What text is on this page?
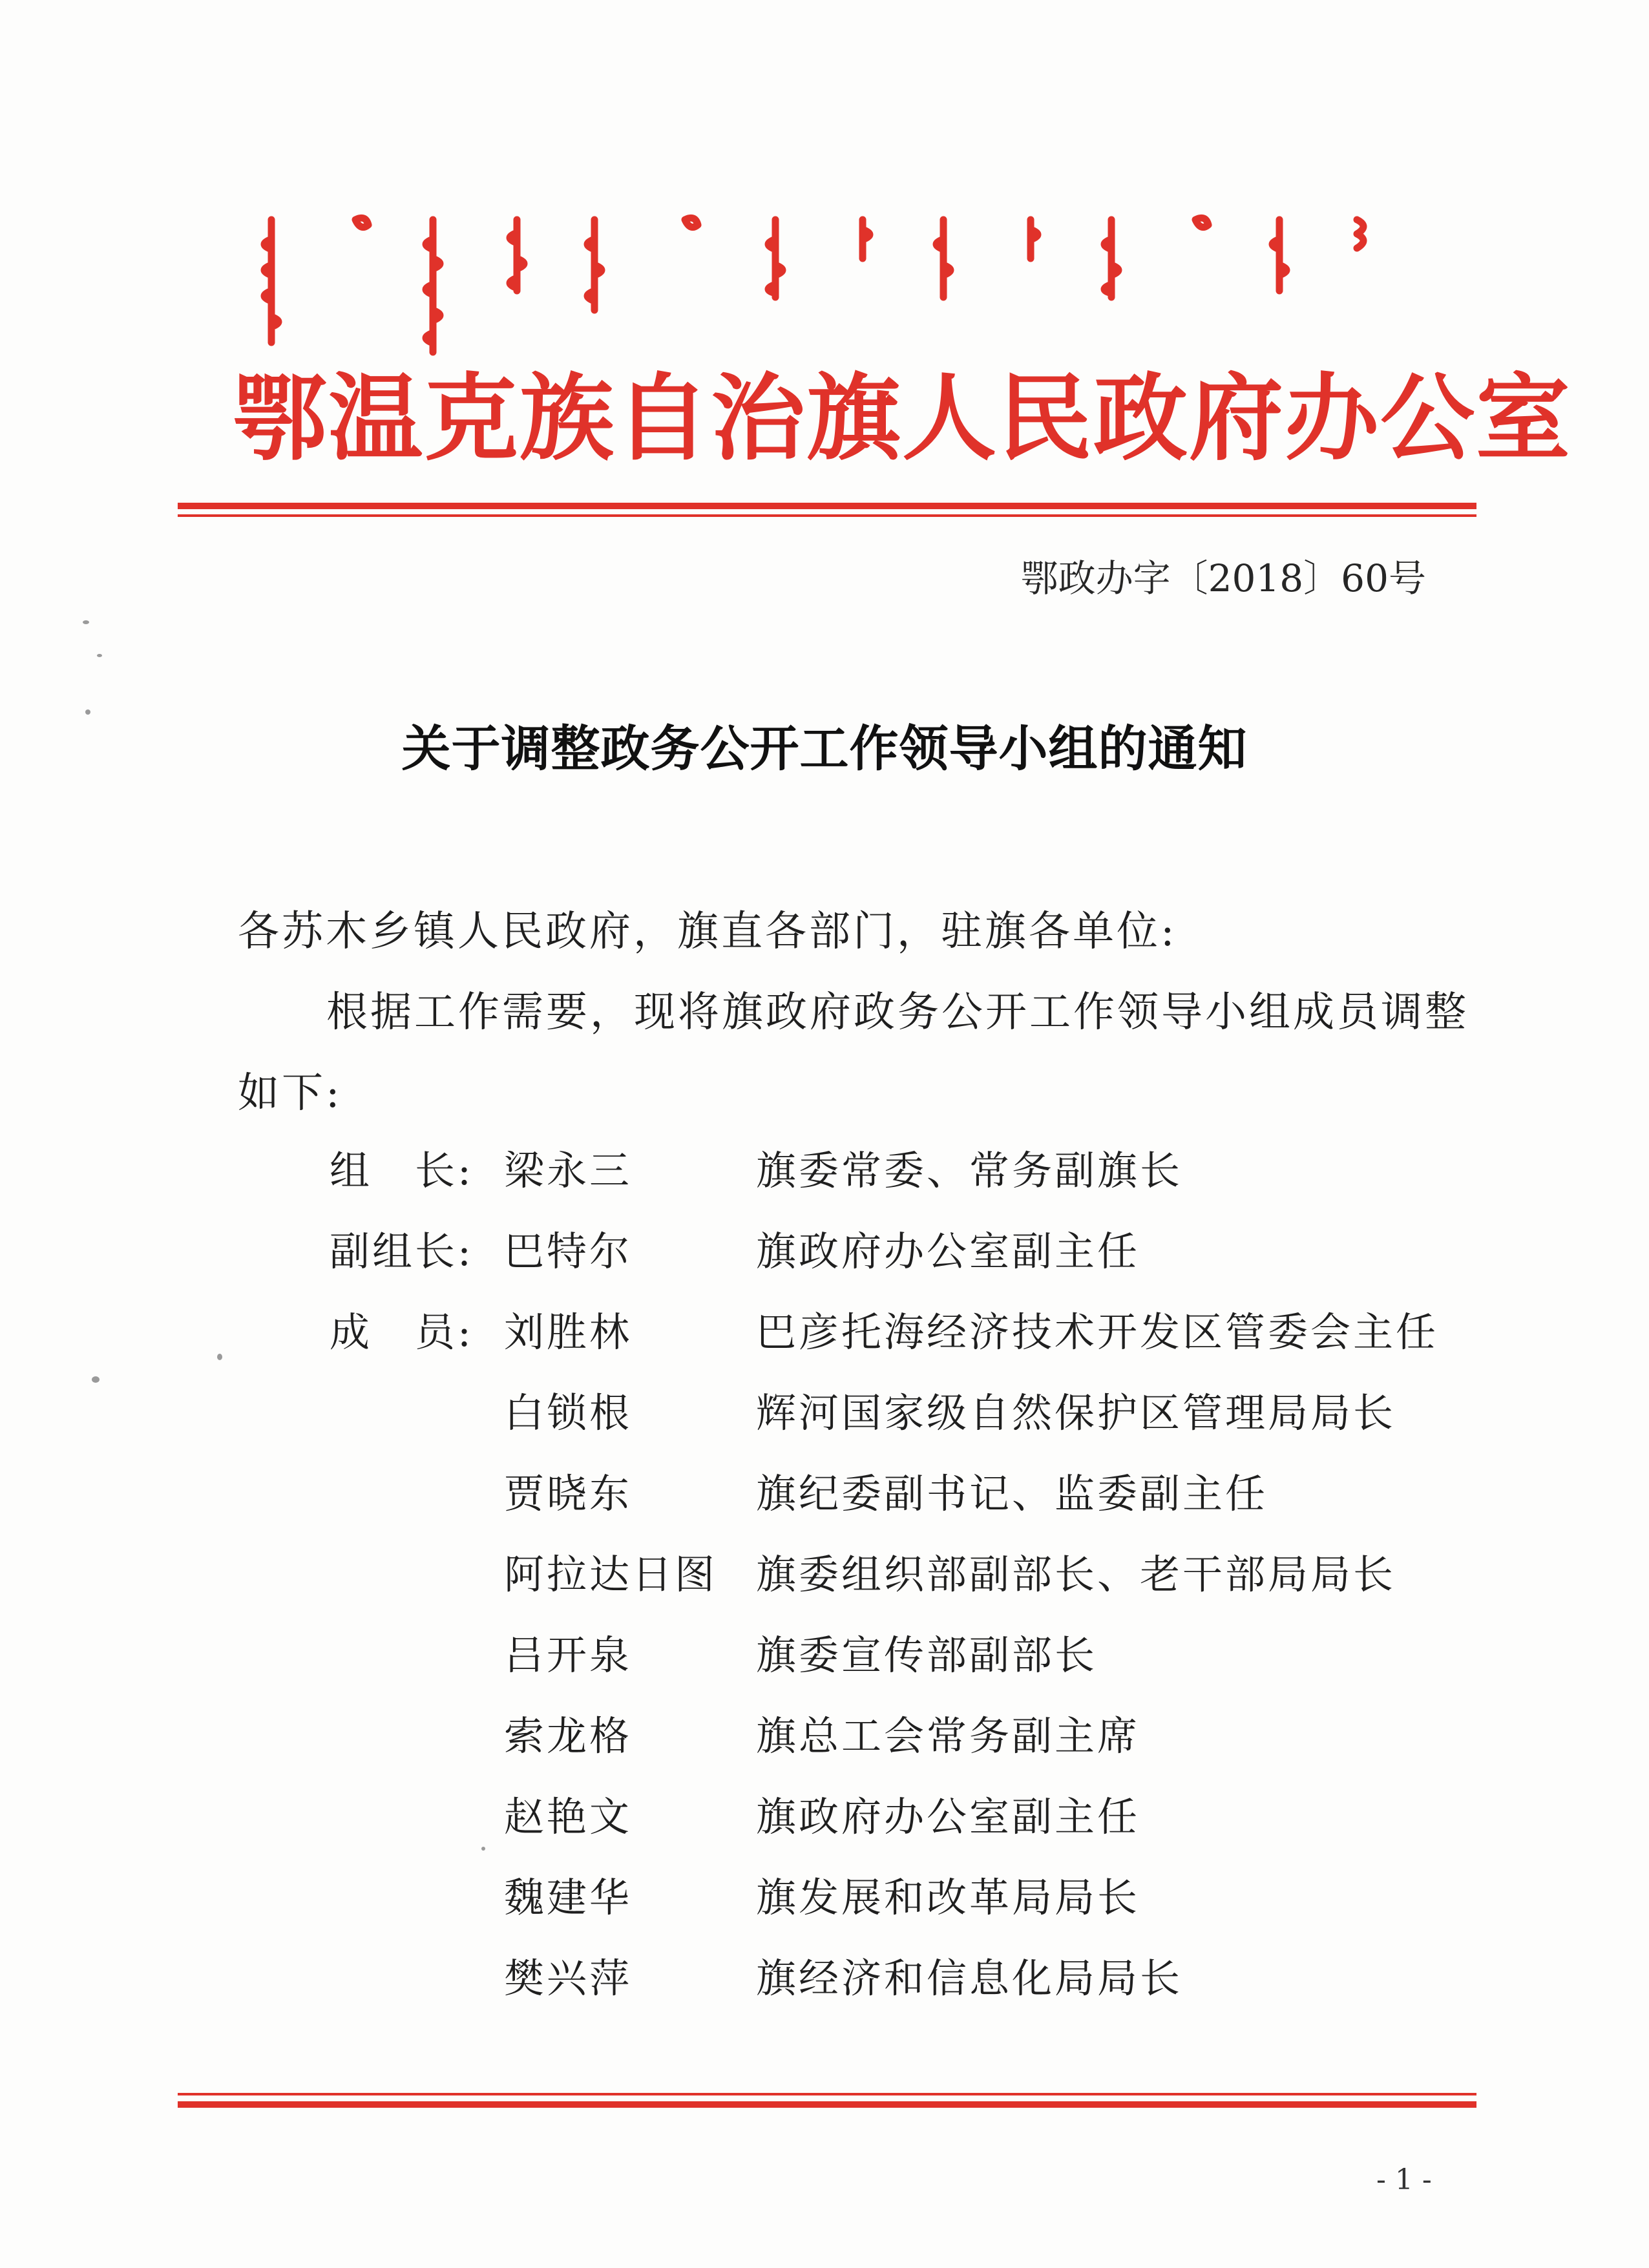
鄂温克族自治旗人民政府办公室
鄂政办字〔2018〕60号
关于调整政务公开工作领导小组的通知
各苏木乡镇人民政府，旗直各部门，驻旗各单位:
根据工作需要，现将旗政府政务公开工作领导小组成员调整
如下:
组　长: 梁永三	旗委常委、常务副旗长
副组长: 巴特尔	旗政府办公室副主任
成　员: 刘胜林	巴彦托海经济技术开发区管委会主任
白锁根	辉河国家级自然保护区管理局局长
贾晓东	旗纪委副书记、监委副主任
阿拉达日图 旗委组织部副部长、老干部局局长
吕开泉	旗委宣传部副部长
索龙格	旗总工会常务副主席
赵艳文	旗政府办公室副主任
魏建华	旗发展和改革局局长
樊兴萍	旗经济和信息化局局长
- 1 -
